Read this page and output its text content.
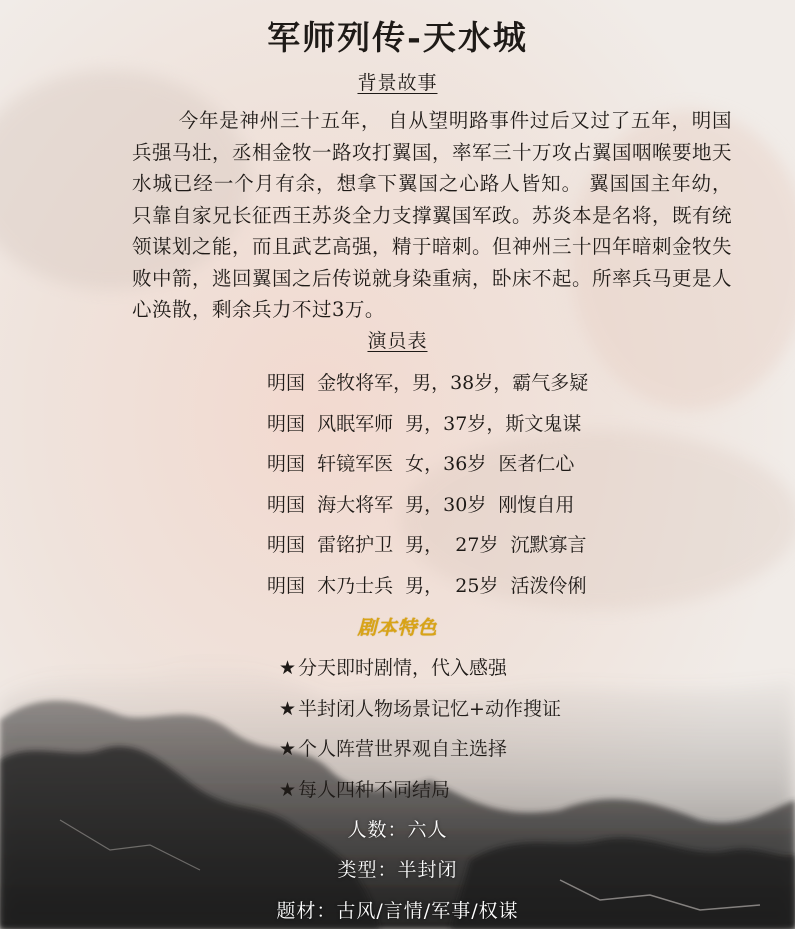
军师列传-天水城
背景故事

今年是神州三十五年， 自从望明路事件过后又过了五年，明国兵强马壮，丞相金牧一路攻打翼国，率军三十万攻占翼国咽喉要地天水城已经一个月有余，想拿下翼国之心路人皆知。 翼国国主年幼，只靠自家兄长征西王苏炎全力支撑翼国军政。苏炎本是名将，既有统领谋划之能，而且武艺高强，精于暗刺。但神州三十四年暗刺金牧失败中箭，逃回翼国之后传说就身染重病，卧床不起。所率兵马更是人心涣散，剩余兵力不过3万。

演员表
明国  金牧将军，男，38岁，霸气多疑
明国  风眠军师  男，37岁，斯文鬼谋
明国  轩镜军医  女，36岁  医者仁心
明国  海大将军  男，30岁  刚愎自用
明国  雷铭护卫  男，  27岁  沉默寡言
明国  木乃士兵  男，  25岁  活泼伶俐
剧本特色
★ 分天即时剧情，代入感强
★ 半封闭人物场景记忆+动作搜证
★ 个人阵营世界观自主选择
★ 每人四种不同结局
人数：六人
类型：半封闭
题材：古风/言情/军事/权谋
